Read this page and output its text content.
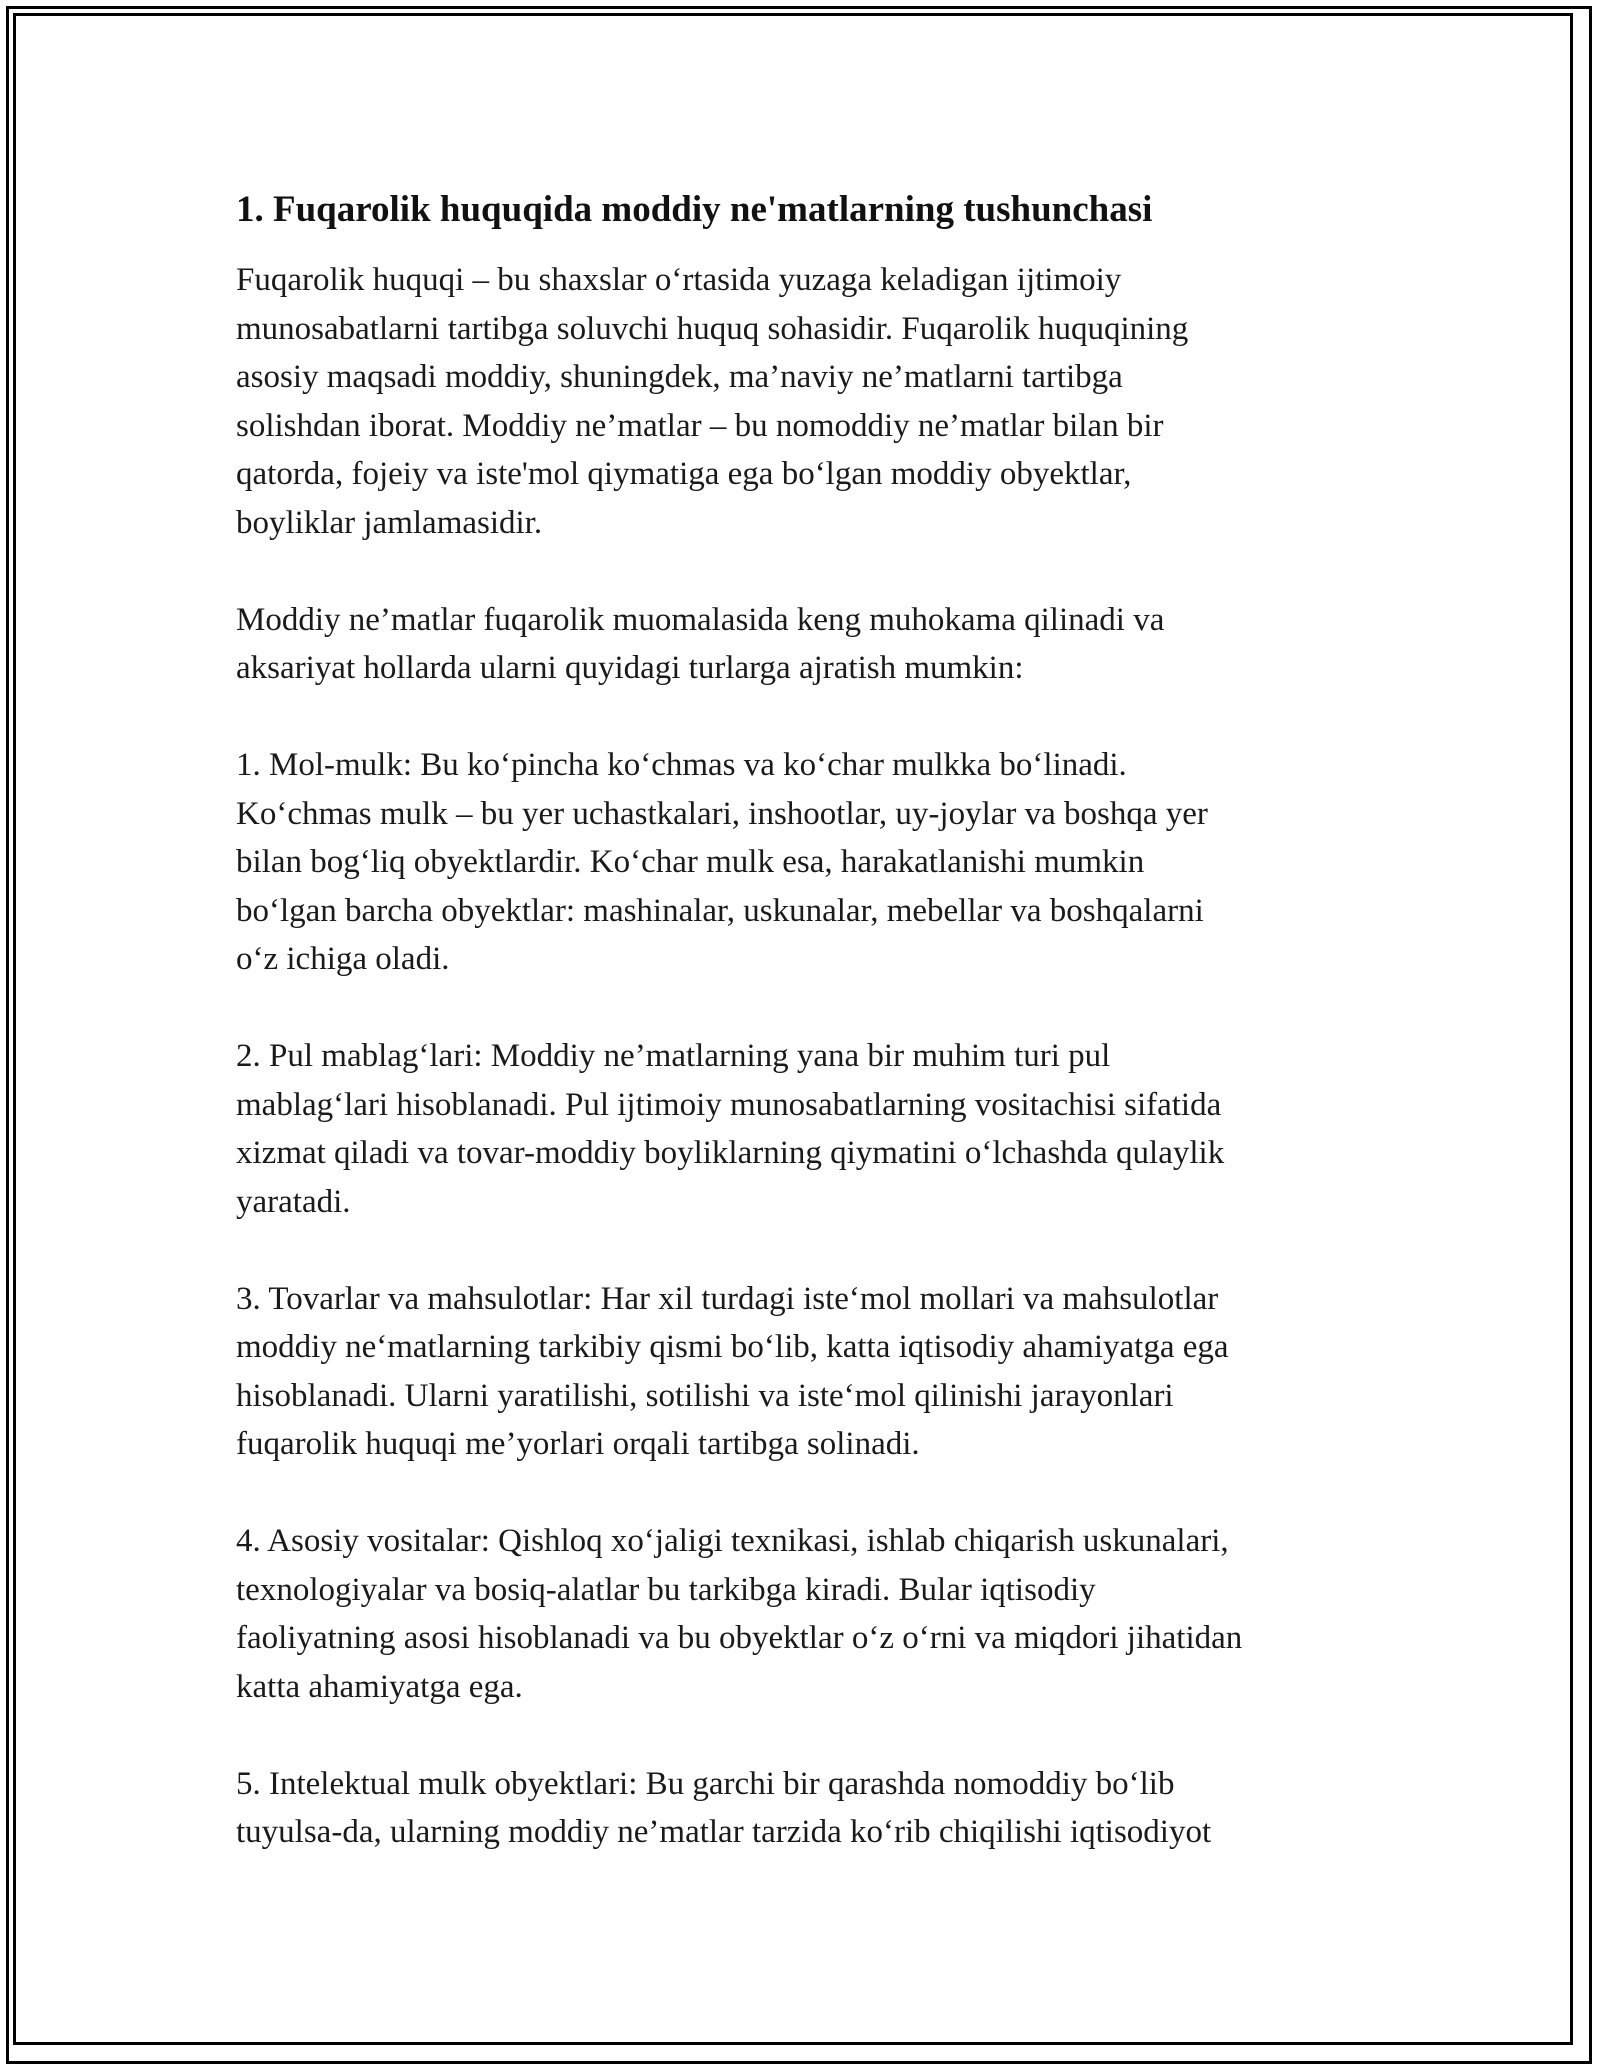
1. Fuqarolik huquqida moddiy ne'matlarning tushunchasi
Fuqarolik huquqi – bu shaxslar o‘rtasida yuzaga keladigan ijtimoiy
munosabatlarni tartibga soluvchi huquq sohasidir. Fuqarolik huquqining
asosiy maqsadi moddiy, shuningdek, ma’naviy ne’matlarni tartibga
solishdan iborat. Moddiy ne’matlar – bu nomoddiy ne’matlar bilan bir
qatorda, fojeiy va iste'mol qiymatiga ega bo‘lgan moddiy obyektlar,
boyliklar jamlamasidir.
Moddiy ne’matlar fuqarolik muomalasida keng muhokama qilinadi va
aksariyat hollarda ularni quyidagi turlarga ajratish mumkin:
1. Mol-mulk: Bu ko‘pincha ko‘chmas va ko‘char mulkka bo‘linadi.
Ko‘chmas mulk – bu yer uchastkalari, inshootlar, uy-joylar va boshqa yer
bilan bog‘liq obyektlardir. Ko‘char mulk esa, harakatlanishi mumkin
bo‘lgan barcha obyektlar: mashinalar, uskunalar, mebellar va boshqalarni
o‘z ichiga oladi.
2. Pul mablag‘lari: Moddiy ne’matlarning yana bir muhim turi pul
mablag‘lari hisoblanadi. Pul ijtimoiy munosabatlarning vositachisi sifatida
xizmat qiladi va tovar-moddiy boyliklarning qiymatini o‘lchashda qulaylik
yaratadi.
3. Tovarlar va mahsulotlar: Har xil turdagi iste‘mol mollari va mahsulotlar
moddiy ne‘matlarning tarkibiy qismi bo‘lib, katta iqtisodiy ahamiyatga ega
hisoblanadi. Ularni yaratilishi, sotilishi va iste‘mol qilinishi jarayonlari
fuqarolik huquqi me’yorlari orqali tartibga solinadi.
4. Asosiy vositalar: Qishloq xo‘jaligi texnikasi, ishlab chiqarish uskunalari,
texnologiyalar va bosiq-alatlar bu tarkibga kiradi. Bular iqtisodiy
faoliyatning asosi hisoblanadi va bu obyektlar o‘z o‘rni va miqdori jihatidan
katta ahamiyatga ega.
5. Intelektual mulk obyektlari: Bu garchi bir qarashda nomoddiy bo‘lib
tuyulsa-da, ularning moddiy ne’matlar tarzida ko‘rib chiqilishi iqtisodiyot
